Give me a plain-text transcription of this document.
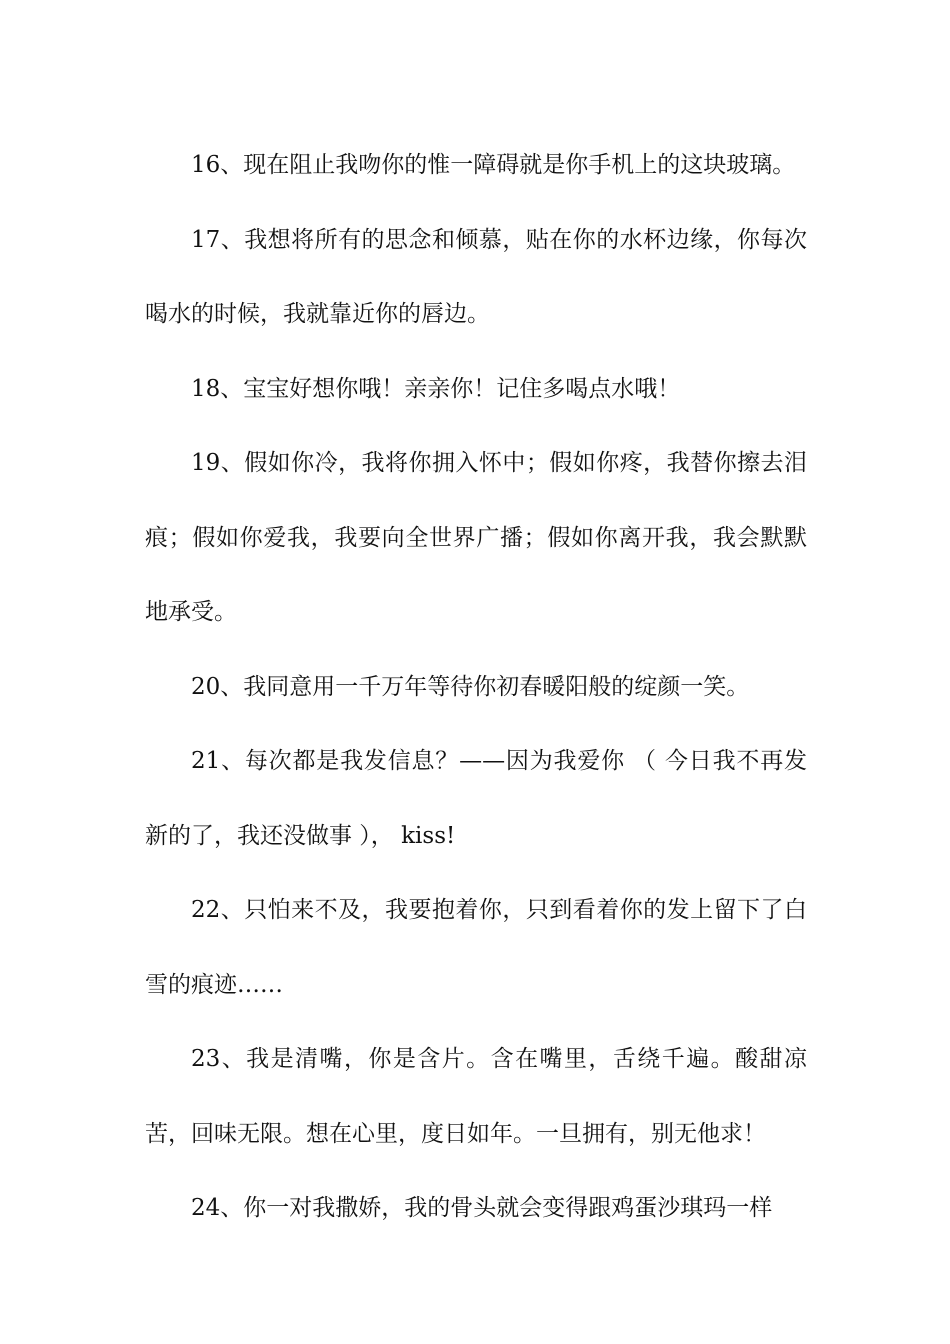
16、现在阻止我吻你的惟一障碍就是你手机上的这块玻璃。

17、我想将所有的思念和倾慕，贴在你的水杯边缘，你每次喝水的时候，我就靠近你的唇边。

18、宝宝好想你哦！亲亲你！记住多喝点水哦！

19、假如你冷，我将你拥入怀中；假如你疼，我替你擦去泪痕；假如你爱我，我要向全世界广播；假如你离开我，我会默默地承受。

20、我同意用一千万年等待你初春暖阳般的绽颜一笑。

21、每次都是我发信息？——因为我爱你 （ 今日我不再发新的了，我还没做事 ）， kiss!

22、只怕来不及，我要抱着你，只到看着你的发上留下了白雪的痕迹……

23、我是清嘴，你是含片。含在嘴里，舌绕千遍。酸甜凉苦，回味无限。想在心里，度日如年。一旦拥有，别无他求！

24、你一对我撒娇，我的骨头就会变得跟鸡蛋沙琪玛一样
